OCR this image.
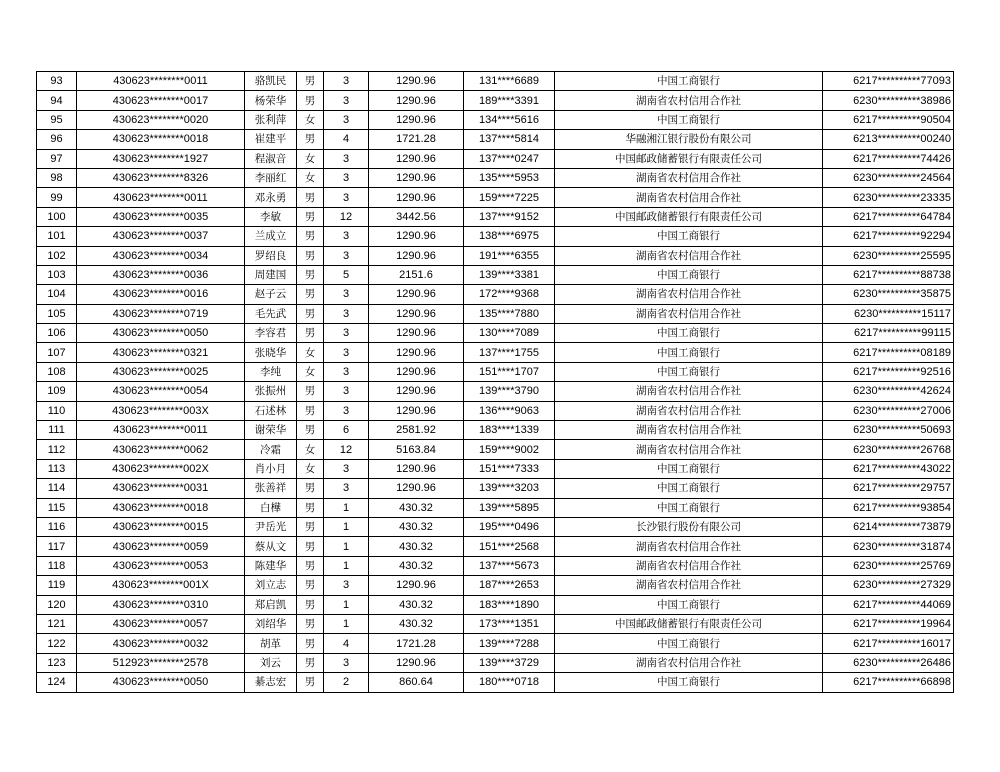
93	430623********0011	骆凯民	男	3	1290.96	131****6689	中国工商银行	6217**********77093
94	430623********0017	杨荣华	男	3	1290.96	189****3391	湖南省农村信用合作社	6230**********38986
95	430623********0020	张利萍	女	3	1290.96	134****5616	中国工商银行	6217**********90504
96	430623********0018	崔建平	男	4	1721.28	137****5814	华融湘江银行股份有限公司	6213**********00240
97	430623********1927	程淑音	女	3	1290.96	137****0247	中国邮政储蓄银行有限责任公司	6217**********74426
98	430623********8326	李丽红	女	3	1290.96	135****5953	湖南省农村信用合作社	6230**********24564
99	430623********0011	邓永勇	男	3	1290.96	159****7225	湖南省农村信用合作社	6230**********23335
100	430623********0035	李敏	男	12	3442.56	137****9152	中国邮政储蓄银行有限责任公司	6217**********64784
101	430623********0037	兰成立	男	3	1290.96	138****6975	中国工商银行	6217**********92294
102	430623********0034	罗绍良	男	3	1290.96	191****6355	湖南省农村信用合作社	6230**********25595
103	430623********0036	周建国	男	5	2151.6	139****3381	中国工商银行	6217**********88738
104	430623********0016	赵子云	男	3	1290.96	172****9368	湖南省农村信用合作社	6230**********35875
105	430623********0719	毛先武	男	3	1290.96	135****7880	湖南省农村信用合作社	6230**********15117
106	430623********0050	李容君	男	3	1290.96	130****7089	中国工商银行	6217**********99115
107	430623********0321	张晓华	女	3	1290.96	137****1755	中国工商银行	6217**********08189
108	430623********0025	李纯	女	3	1290.96	151****1707	中国工商银行	6217**********92516
109	430623********0054	张振州	男	3	1290.96	139****3790	湖南省农村信用合作社	6230**********42624
110	430623********003X	石述林	男	3	1290.96	136****9063	湖南省农村信用合作社	6230**********27006
111	430623********0011	谢荣华	男	6	2581.92	183****1339	湖南省农村信用合作社	6230**********50693
112	430623********0062	冷霜	女	12	5163.84	159****9002	湖南省农村信用合作社	6230**********26768
113	430623********002X	肖小月	女	3	1290.96	151****7333	中国工商银行	6217**********43022
114	430623********0031	张善祥	男	3	1290.96	139****3203	中国工商银行	6217**********29757
115	430623********0018	白樺	男	1	430.32	139****5895	中国工商银行	6217**********93854
116	430623********0015	尹岳光	男	1	430.32	195****0496	长沙银行股份有限公司	6214**********73879
117	430623********0059	蔡从文	男	1	430.32	151****2568	湖南省农村信用合作社	6230**********31874
118	430623********0053	陈建华	男	1	430.32	137****5673	湖南省农村信用合作社	6230**********25769
119	430623********001X	刘立志	男	3	1290.96	187****2653	湖南省农村信用合作社	6230**********27329
120	430623********0310	郑启凯	男	1	430.32	183****1890	中国工商银行	6217**********44069
121	430623********0057	刘绍华	男	1	430.32	173****1351	中国邮政储蓄银行有限责任公司	6217**********19964
122	430623********0032	胡革	男	4	1721.28	139****7288	中国工商银行	6217**********16017
123	512923********2578	刘云	男	3	1290.96	139****3729	湖南省农村信用合作社	6230**********26486
124	430623********0050	綦志宏	男	2	860.64	180****0718	中国工商银行	6217**********66898
